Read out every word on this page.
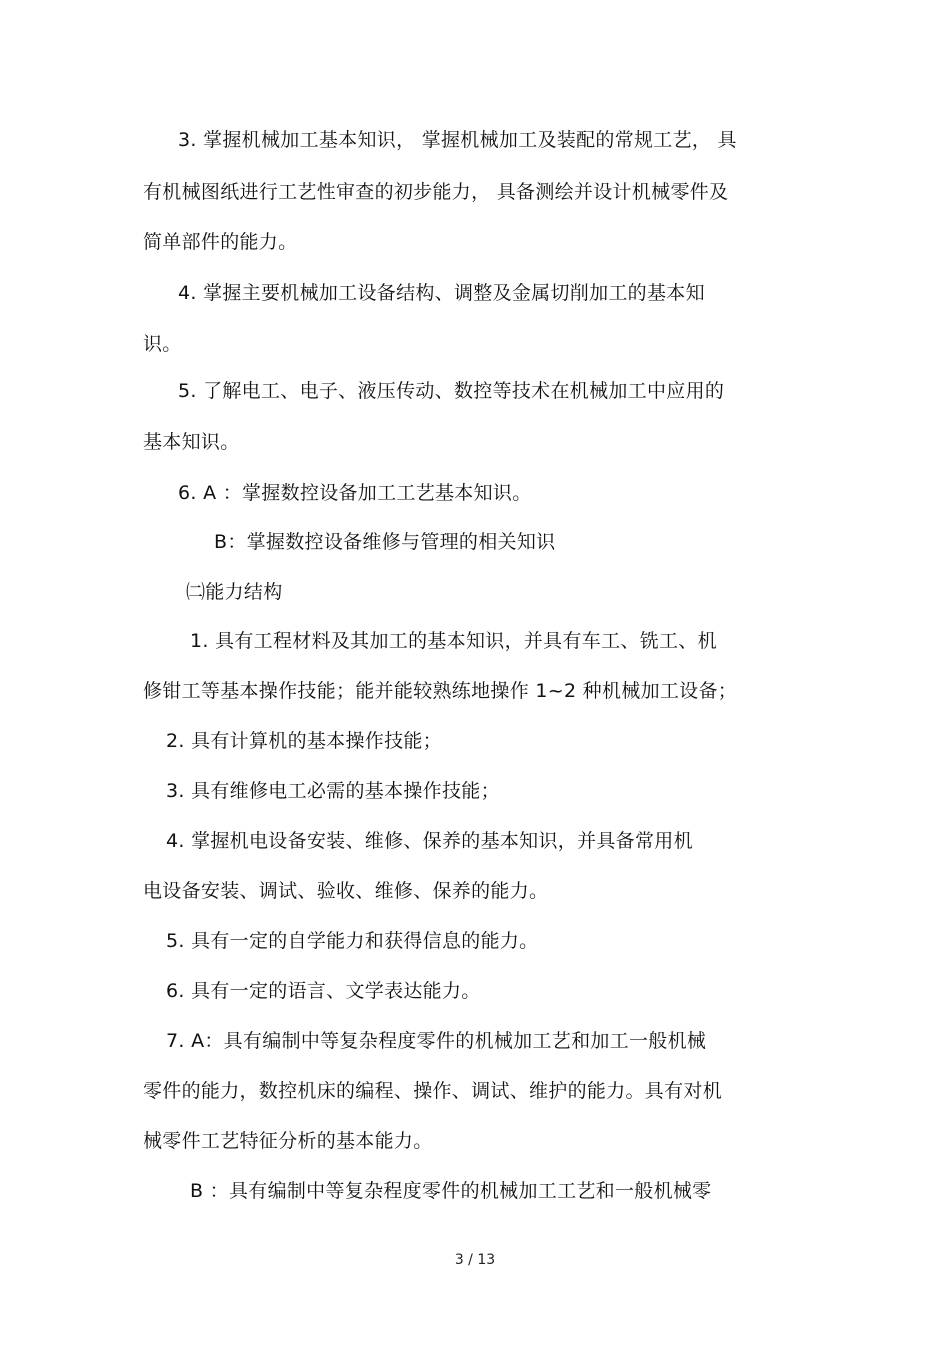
3. 掌握机械加工基本知识， 掌握机械加工及装配的常规工艺， 具
有机械图纸进行工艺性审查的初步能力， 具备测绘并设计机械零件及
简单部件的能力。
4. 掌握主要机械加工设备结构、调整及金属切削加工的基本知
识。
5. 了解电工、电子、液压传动、数控等技术在机械加工中应用的
基本知识。
6. A ：掌握数控设备加工工艺基本知识。
B：掌握数控设备维修与管理的相关知识
㈡能力结构
1. 具有工程材料及其加工的基本知识，并具有车工、铣工、机
修钳工等基本操作技能；能并能较熟练地操作 1~2 种机械加工设备；
2. 具有计算机的基本操作技能；
3. 具有维修电工必需的基本操作技能；
4. 掌握机电设备安装、维修、保养的基本知识，并具备常用机
电设备安装、调试、验收、维修、保养的能力。
5. 具有一定的自学能力和获得信息的能力。
6. 具有一定的语言、文学表达能力。
7. A：具有编制中等复杂程度零件的机械加工艺和加工一般机械
零件的能力，数控机床的编程、操作、调试、维护的能力。具有对机
械零件工艺特征分析的基本能力。
B ：具有编制中等复杂程度零件的机械加工工艺和一般机械零
3 / 13
